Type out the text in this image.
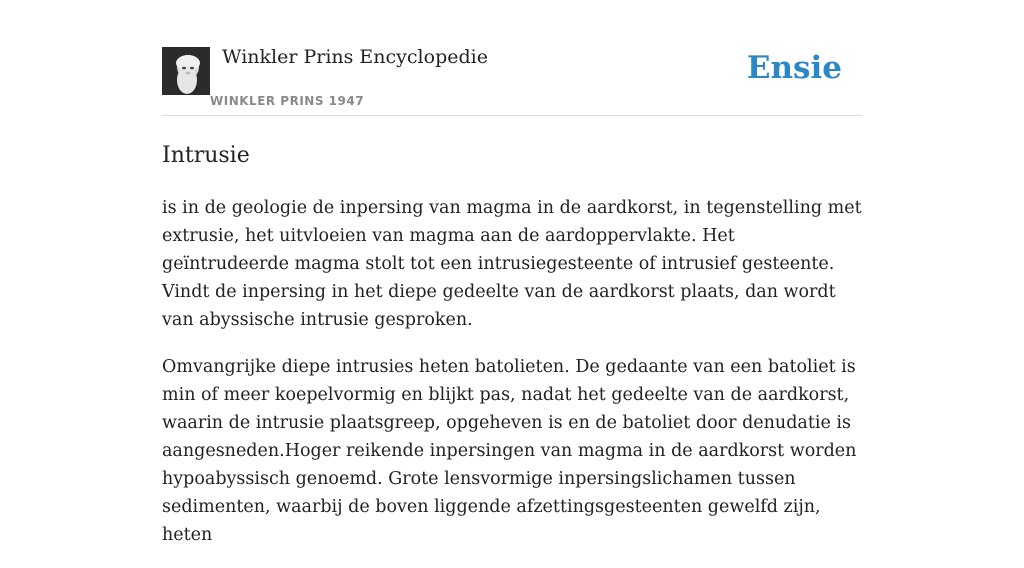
Winkler Prins Encyclopedie
WINKLER PRINS 1947
Ensie
Intrusie

is in de geologie de inpersing van magma in de aardkorst, in tegenstelling met extrusie, het uitvloeien van magma aan de aardoppervlakte. Het geïntrudeerde magma stolt tot een intrusiegesteente of intrusief gesteente. Vindt de inpersing in het diepe gedeelte van de aardkorst plaats, dan wordt van abyssische intrusie gesproken.

Omvangrijke diepe intrusies heten batolieten. De gedaante van een batoliet is min of meer koepelvormig en blijkt pas, nadat het gedeelte van de aardkorst, waarin de intrusie plaatsgreep, opgeheven is en de batoliet door denudatie is aangesneden.Hoger reikende inpersingen van magma in de aardkorst worden hypoabyssisch genoemd. Grote lensvormige inpersingslichamen tussen sedimenten, waarbij de boven liggende afzettingsgesteenten gewelfd zijn, heten
